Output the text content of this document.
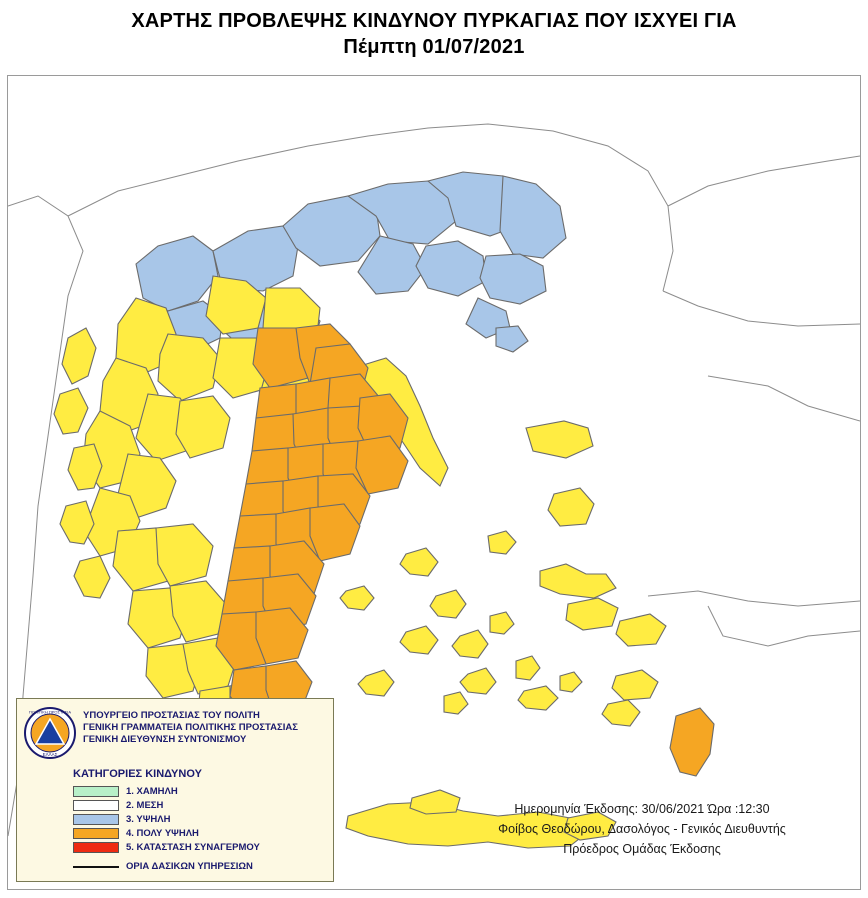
ΧΑΡΤΗΣ ΠΡΟΒΛΕΨΗΣ ΚΙΝΔΥΝΟΥ ΠΥΡΚΑΓΙΑΣ ΠΟΥ ΙΣΧΥΕΙ ΓΙΑ
Πέμπτη 01/07/2021
ΠΟΛΙΤΙΚΗ ΠΡΟΣΤΑΣΙΑ
ΕΛΛΑΣ
ΥΠΟΥΡΓΕΙΟ ΠΡΟΣΤΑΣΙΑΣ ΤΟΥ ΠΟΛΙΤΗ
ΓΕΝΙΚΗ ΓΡΑΜΜΑΤΕΙΑ ΠΟΛΙΤΙΚΗΣ ΠΡΟΣΤΑΣΙΑΣ
ΓΕΝΙΚΗ ΔΙΕΥΘΥΝΣΗ ΣΥΝΤΟΝΙΣΜΟΥ
ΚΑΤΗΓΟΡΙΕΣ ΚΙΝΔΥΝΟΥ
1. ΧΑΜΗΛΗ
2. ΜΕΣΗ
3. ΥΨΗΛΗ
4. ΠΟΛΥ ΥΨΗΛΗ
5. ΚΑΤΑΣΤΑΣΗ ΣΥΝΑΓΕΡΜΟΥ
ΟΡΙΑ ΔΑΣΙΚΩΝ ΥΠΗΡΕΣΙΩΝ
Ημερομηνία Έκδοσης: 30/06/2021 Ώρα :12:30
Φοίβος Θεοδώρου, Δασολόγος - Γενικός Διευθυντής
Πρόεδρος Ομάδας Έκδοσης
